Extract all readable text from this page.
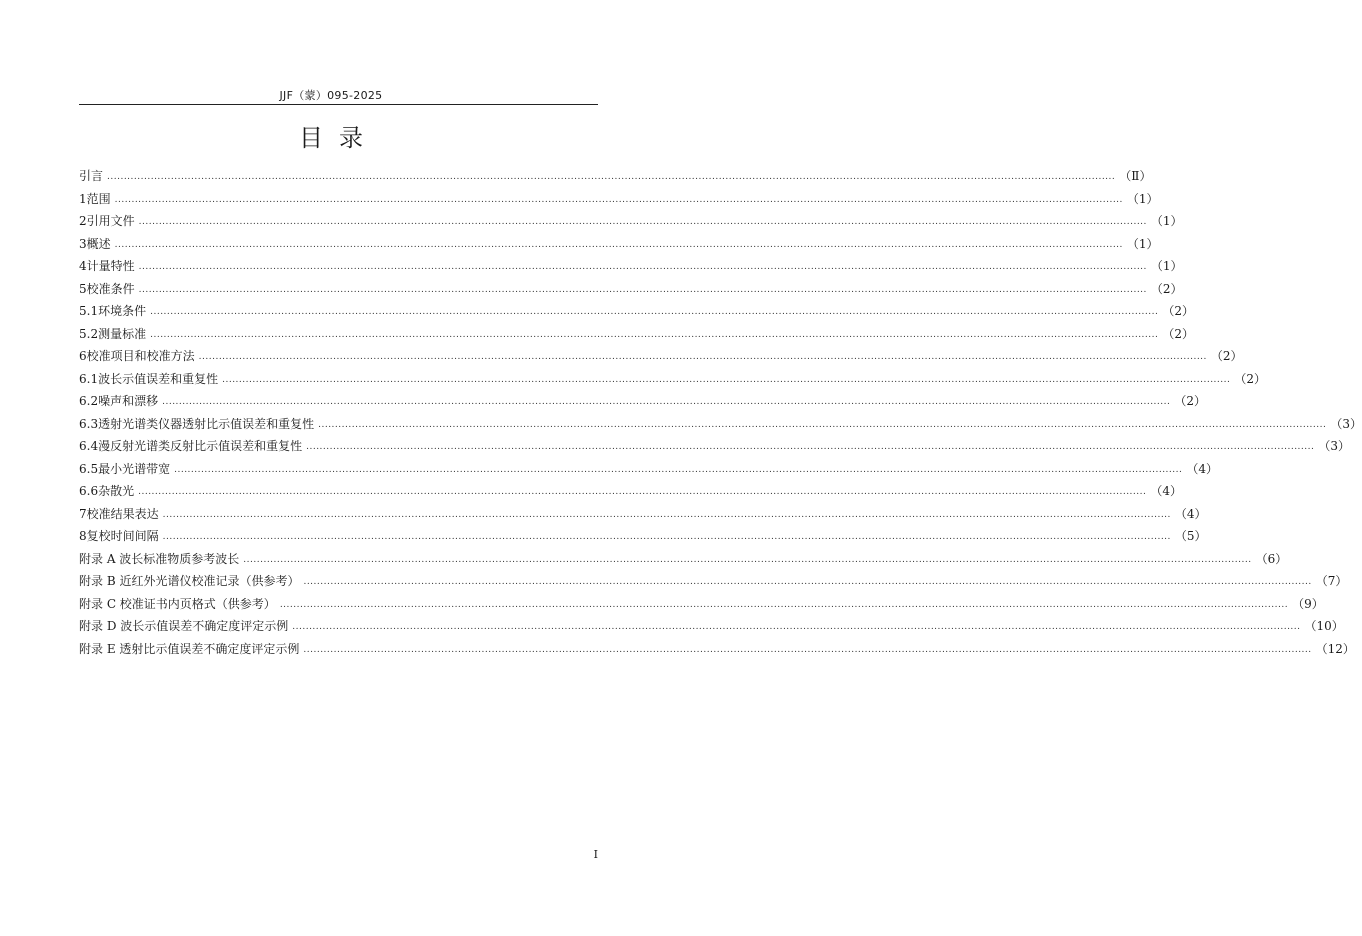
JJF（蒙）095-2025
目录
引言 ............................................................................................................................................................................................................................................................................................................ （Ⅱ）
1 范围 ............................................................................................................................................................................................................................................................................................................ （1）
2 引用文件 ............................................................................................................................................................................................................................................................................................................ （1）
3 概述 ............................................................................................................................................................................................................................................................................................................ （1）
4 计量特性 ............................................................................................................................................................................................................................................................................................................ （1）
5 校准条件 ............................................................................................................................................................................................................................................................................................................ （2）
5.1 环境条件 ............................................................................................................................................................................................................................................................................................................ （2）
5.2 测量标准 ............................................................................................................................................................................................................................................................................................................ （2）
6 校准项目和校准方法 ............................................................................................................................................................................................................................................................................................................ （2）
6.1 波长示值误差和重复性 ............................................................................................................................................................................................................................................................................................................ （2）
6.2 噪声和漂移 ............................................................................................................................................................................................................................................................................................................ （2）
6.3 透射光谱类仪器透射比示值误差和重复性 ............................................................................................................................................................................................................................................................................................................ （3）
6.4 漫反射光谱类反射比示值误差和重复性 ............................................................................................................................................................................................................................................................................................................ （3）
6.5 最小光谱带宽 ............................................................................................................................................................................................................................................................................................................ （4）
6.6 杂散光 ............................................................................................................................................................................................................................................................................................................ （4）
7 校准结果表达 ............................................................................................................................................................................................................................................................................................................ （4）
8 复校时间间隔 ............................................................................................................................................................................................................................................................................................................ （5）
附录 A 波长标准物质参考波长 ............................................................................................................................................................................................................................................................................................................ （6）
附录 B 近红外光谱仪校准记录（供参考） ............................................................................................................................................................................................................................................................................................................ （7）
附录 C 校准证书内页格式（供参考） ............................................................................................................................................................................................................................................................................................................ （9）
附录 D 波长示值误差不确定度评定示例 ............................................................................................................................................................................................................................................................................................................ （10）
附录 E 透射比示值误差不确定度评定示例 ............................................................................................................................................................................................................................................................................................................ （12）
I
